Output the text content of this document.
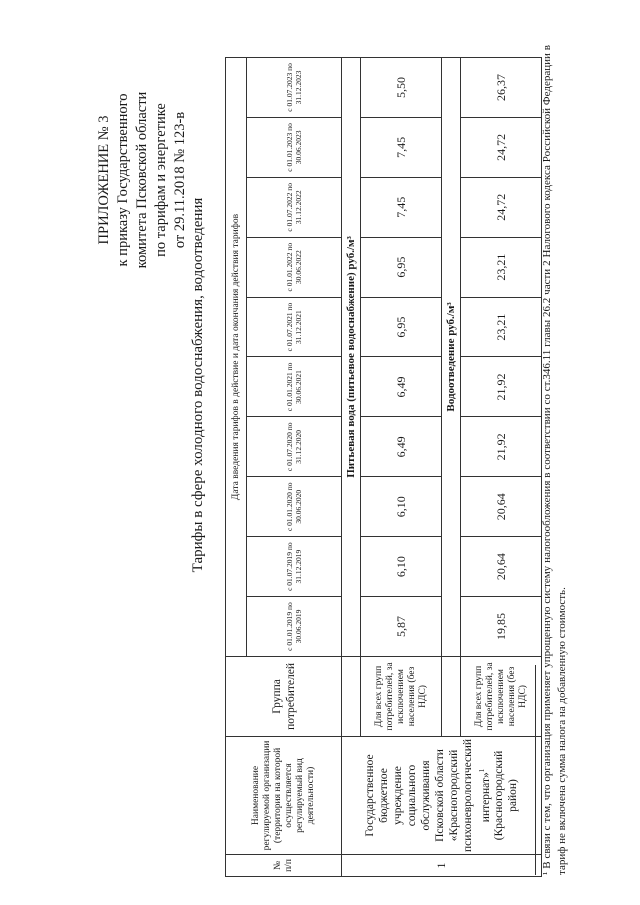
ПРИЛОЖЕНИЕ № 3 к приказу Государственного комитета Псковской области по тарифам и энергетике от 29.11.2018 № 123-в
Тарифы в сфере холодного водоснабжения, водоотведения
№ п/п	Наименование регулируемой организации (территория на которой осуществляется регулируемый вид деятельности)	Группа потребителей	Дата введения тарифов в действие и дата окончания действия тарифов									
			с 01.01.2019 по 30.06.2019	с 01.07.2019 по 31.12.2019	с 01.01.2020 по 30.06.2020	с 01.07.2020 по 31.12.2020	с 01.01.2021 по 30.06.2021	с 01.07.2021 по 31.12.2021	с 01.01.2022 по 30.06.2022	с 01.07.2022 по 31.12.2022	с 01.01.2023 по 30.06.2023	с 01.07.2023 по 31.12.2023
1	Государственное бюджетное учреждение социального обслуживания Псковской области «Красногородский психоневрологический интернат»$^1$ (Красногородский район)		Питьевая вода (питьевое водоснабжение) руб./м³									
		Для всех групп потребителей, за исключением населения (без НДС)	5,87	6,10	6,10	6,49	6,49	6,95	6,95	7,45	7,45	5,50
			Водоотведение руб./м³									
		Для всех групп потребителей, за исключением населения (без НДС)	19,85	20,64	20,64	21,92	21,92	23,21	23,21	24,72	24,72	26,37	¹ В связи с тем, что организация применяет упрощенную систему налогообложения в соответствии со ст.346.11 главы 26.2 части 2 Налогового кодекса Российской Федерации в тариф не включена сумма налога на добавленную стоимость.
